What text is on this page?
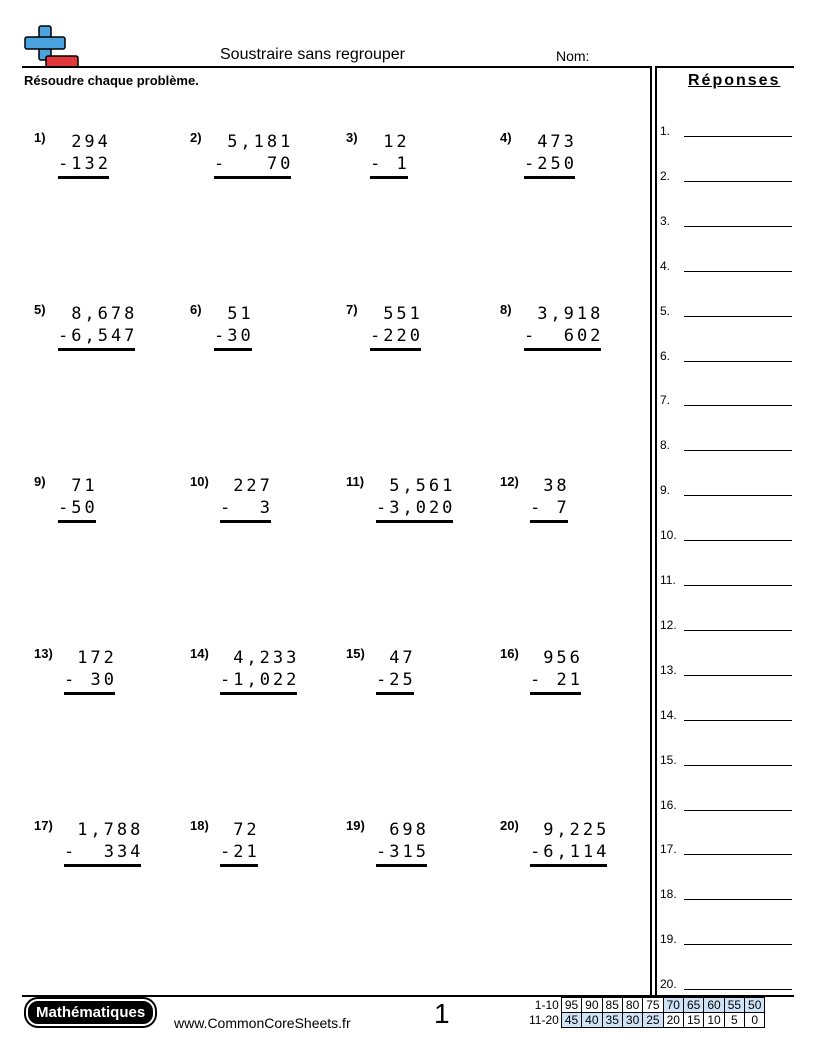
Soustraire sans regrouper	Nom:
Résoudre chaque problème.	Réponses
1) 294
-132
2) 5,181
-   70
3) 12
- 1
4) 473
-250
5) 8,678
-6,547
6) 51
-30
7) 551
-220
8) 3,918
-  602
9) 71
-50
10) 227
-  3
11) 5,561
-3,020
12) 38
- 7
13) 172
- 30
14) 4,233
-1,022
15) 47
-25
16) 956
- 21
17) 1,788
-  334
18) 72
-21
19) 698
-315
20) 9,225
-6,114
1.
2.
3.
4.
5.
6.
7.
8.
9.
10.
11.
12.
13.
14.
15.
16.
17.
18.
19.
20.
Mathématiques
www.CommonCoreSheets.fr	1	1-10	95	90	85	80	75	70	65	60	55	50
11-20	45	40	35	30	25	20	15	10	5	0
